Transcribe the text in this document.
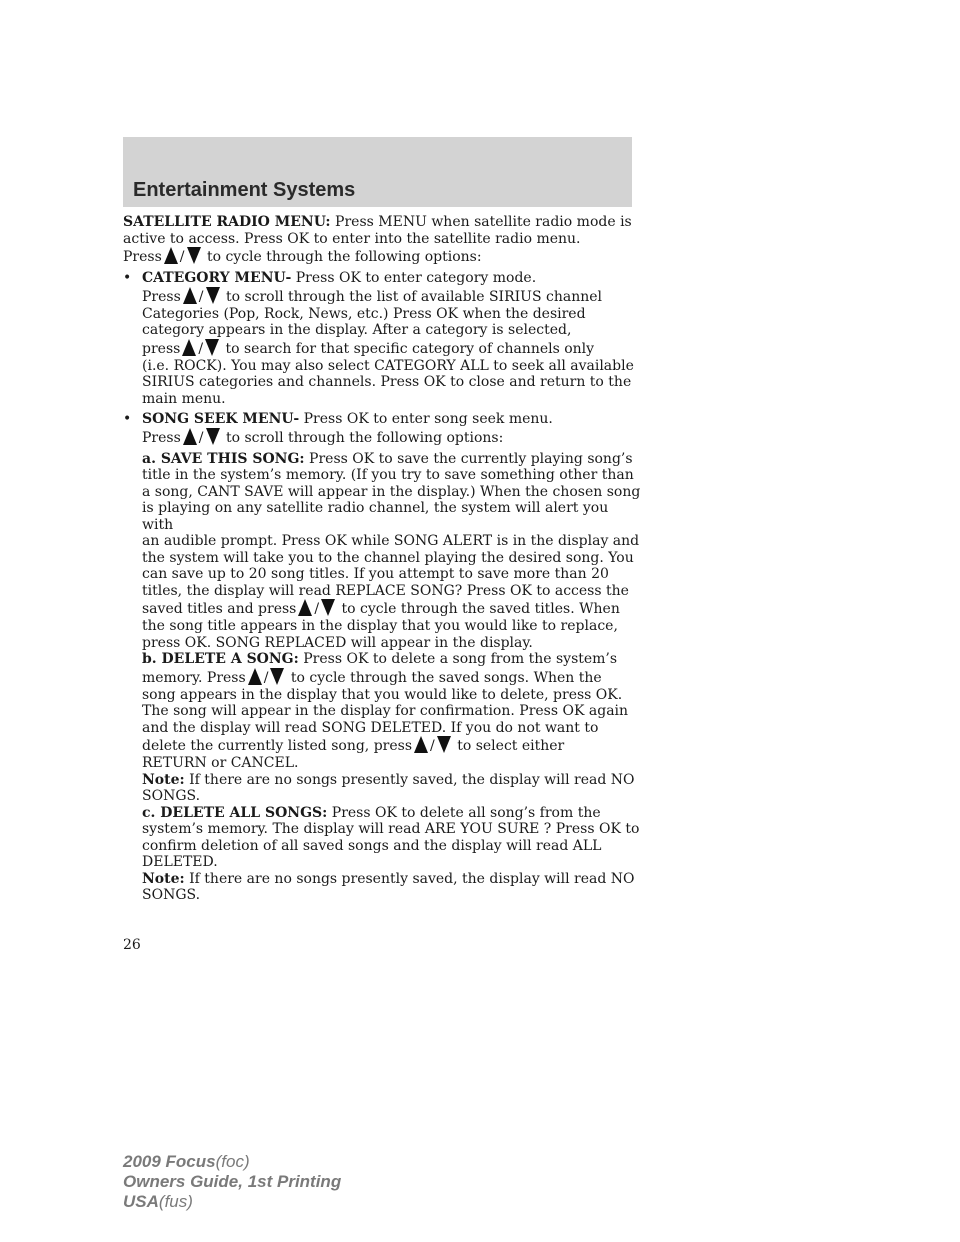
Entertainment Systems

SATELLITE RADIO MENU: Press MENU when satellite radio mode is
active to access. Press OK to enter into the satellite radio menu.
Press / to cycle through the following options:

• CATEGORY MENU- Press OK to enter category mode.
Press / to scroll through the list of available SIRIUS channel
Categories (Pop, Rock, News, etc.) Press OK when the desired
category appears in the display. After a category is selected,
press / to search for that specific category of channels only
(i.e. ROCK). You may also select CATEGORY ALL to seek all available
SIRIUS categories and channels. Press OK to close and return to the
main menu.
• SONG SEEK MENU- Press OK to enter song seek menu.
Press / to scroll through the following options:
a. SAVE THIS SONG: Press OK to save the currently playing song’s
title in the system’s memory. (If you try to save something other than
a song, CANT SAVE will appear in the display.) When the chosen song
is playing on any satellite radio channel, the system will alert you with
an audible prompt. Press OK while SONG ALERT is in the display and
the system will take you to the channel playing the desired song. You
can save up to 20 song titles. If you attempt to save more than 20
titles, the display will read REPLACE SONG? Press OK to access the
saved titles and press / to cycle through the saved titles. When
the song title appears in the display that you would like to replace,
press OK. SONG REPLACED will appear in the display.
b. DELETE A SONG: Press OK to delete a song from the system’s
memory. Press / to cycle through the saved songs. When the
song appears in the display that you would like to delete, press OK.
The song will appear in the display for confirmation. Press OK again
and the display will read SONG DELETED. If you do not want to
delete the currently listed song, press / to select either
RETURN or CANCEL.
Note: If there are no songs presently saved, the display will read NO
SONGS.
c. DELETE ALL SONGS: Press OK to delete all song’s from the
system’s memory. The display will read ARE YOU SURE ? Press OK to
confirm deletion of all saved songs and the display will read ALL
DELETED.
Note: If there are no songs presently saved, the display will read NO
SONGS.
26
2009 Focus(foc)
Owners Guide, 1st Printing
USA(fus)
